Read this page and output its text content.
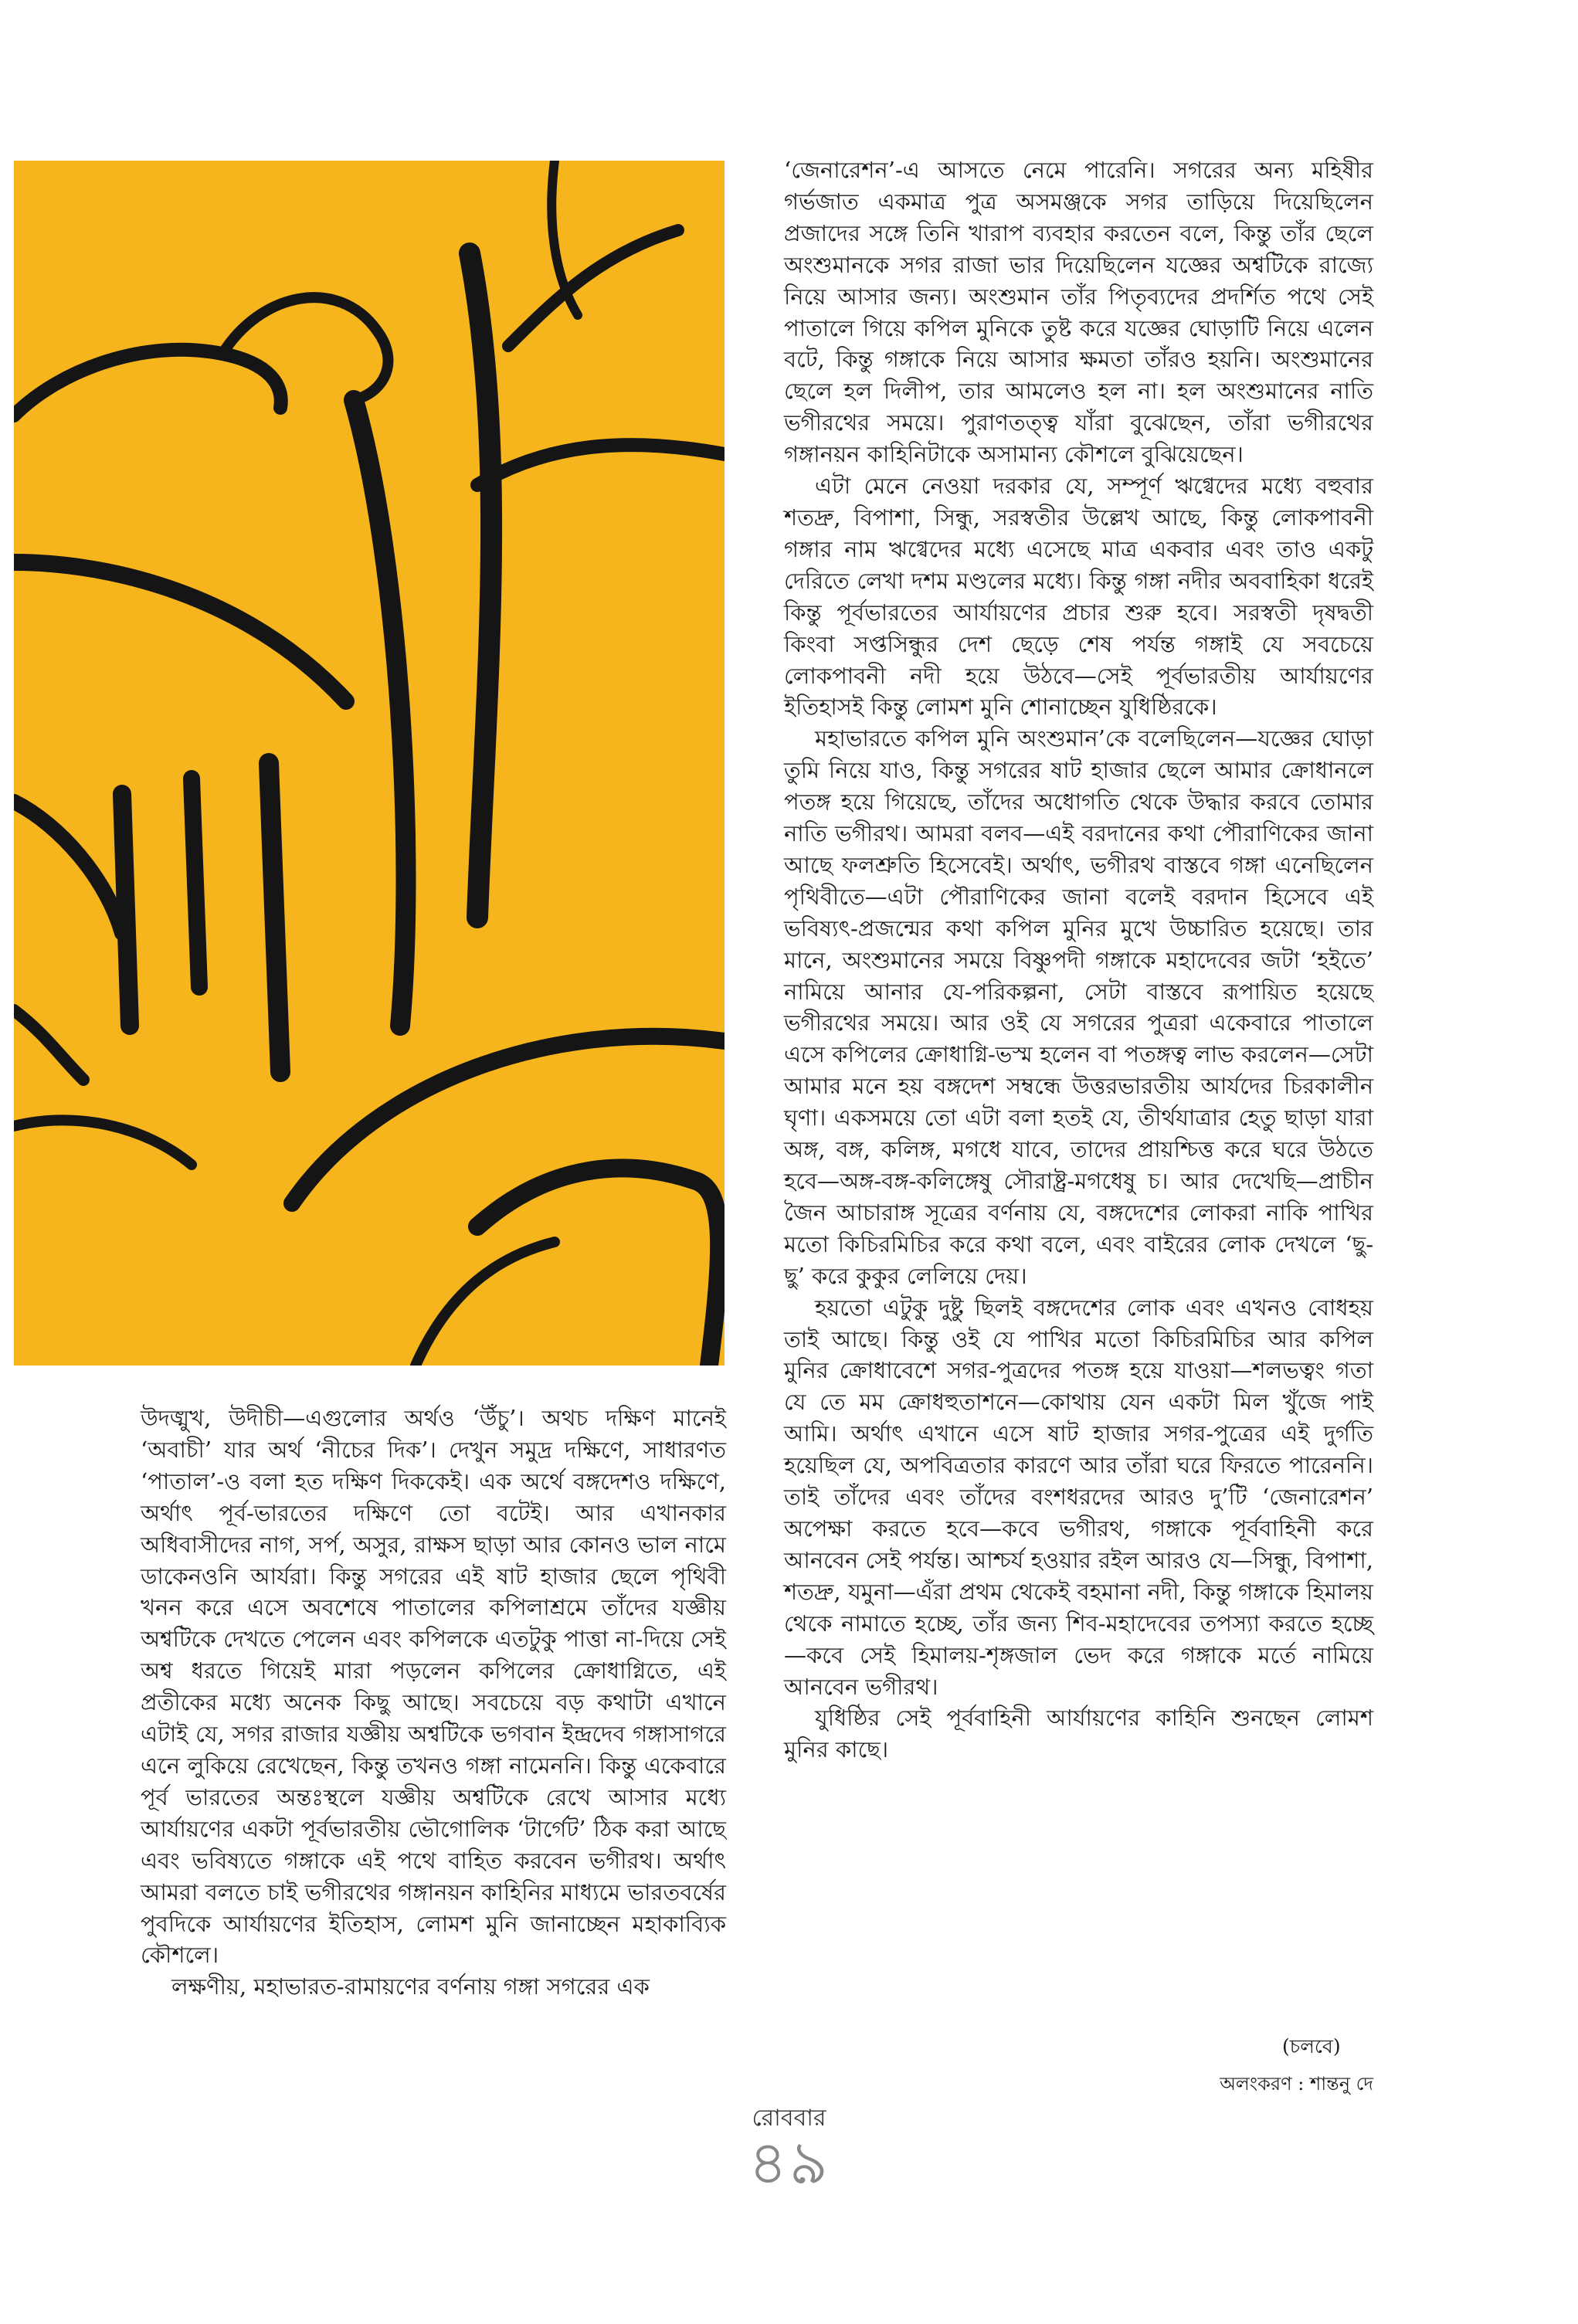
উদঙ্মুখ, উদীচী—এগুলোর অর্থও ‘উঁচু’। অথচ দক্ষিণ মানেই ‘অবাচী’ যার অর্থ ‘নীচের দিক’। দেখুন সমুদ্র দক্ষিণে, সাধারণত ‘পাতাল’-ও বলা হত দক্ষিণ দিককেই। এক অর্থে বঙ্গদেশও দক্ষিণে, অর্থাৎ পূর্ব-ভারতের দক্ষিণে তো বটেই। আর এখানকার অধিবাসীদের নাগ, সর্প, অসুর, রাক্ষস ছাড়া আর কোনও ভাল নামে ডাকেনওনি আর্যরা। কিন্তু সগরের এই ষাট হাজার ছেলে পৃথিবী খনন করে এসে অবশেষে পাতালের কপিলাশ্রমে তাঁদের যজ্ঞীয় অশ্বটিকে দেখতে পেলেন এবং কপিলকে এতটুকু পাত্তা না-দিয়ে সেই অশ্ব ধরতে গিয়েই মারা পড়লেন কপিলের ক্রোধাগ্নিতে, এই প্রতীকের মধ্যে অনেক কিছু আছে। সবচেয়ে বড় কথাটা এখানে এটাই যে, সগর রাজার যজ্ঞীয় অশ্বটিকে ভগবান ইন্দ্রদেব গঙ্গাসাগরে এনে লুকিয়ে রেখেছেন, কিন্তু তখনও গঙ্গা নামেননি। কিন্তু একেবারে পূর্ব ভারতের অন্তঃস্থলে যজ্ঞীয় অশ্বটিকে রেখে আসার মধ্যে আর্যায়ণের একটা পূর্বভারতীয় ভৌগোলিক ‘টার্গেট’ ঠিক করা আছে এবং ভবিষ্যতে গঙ্গাকে এই পথে বাহিত করবেন ভগীরথ। অর্থাৎ আমরা বলতে চাই ভগীরথের গঙ্গানয়ন কাহিনির মাধ্যমে ভারতবর্ষের পুবদিকে আর্যায়ণের ইতিহাস, লোমশ মুনি জানাচ্ছেন মহাকাব্যিক কৌশলে।

লক্ষণীয়, মহাভারত-রামায়ণের বর্ণনায় গঙ্গা সগরের এক

‘জেনারেশন’-এ আসতে নেমে পারেনি। সগরের অন্য মহিষীর গর্ভজাত একমাত্র পুত্র অসমঞ্জকে সগর তাড়িয়ে দিয়েছিলেন প্রজাদের সঙ্গে তিনি খারাপ ব্যবহার করতেন বলে, কিন্তু তাঁর ছেলে অংশুমানকে সগর রাজা ভার দিয়েছিলেন যজ্ঞের অশ্বটিকে রাজ্যে নিয়ে আসার জন্য। অংশুমান তাঁর পিতৃব্যদের প্রদর্শিত পথে সেই পাতালে গিয়ে কপিল মুনিকে তুষ্ট করে যজ্ঞের ঘোড়াটি নিয়ে এলেন বটে, কিন্তু গঙ্গাকে নিয়ে আসার ক্ষমতা তাঁরও হয়নি। অংশুমানের ছেলে হল দিলীপ, তার আমলেও হল না। হল অংশুমানের নাতি ভগীরথের সময়ে। পুরাণতত্ত্ব যাঁরা বুঝেছেন, তাঁরা ভগীরথের গঙ্গানয়ন কাহিনিটাকে অসামান্য কৌশলে বুঝিয়েছেন।

এটা মেনে নেওয়া দরকার যে, সম্পূর্ণ ঋগ্বেদের মধ্যে বহুবার শতদ্রু, বিপাশা, সিন্ধু, সরস্বতীর উল্লেখ আছে, কিন্তু লোকপাবনী গঙ্গার নাম ঋগ্বেদের মধ্যে এসেছে মাত্র একবার এবং তাও একটু দেরিতে লেখা দশম মণ্ডলের মধ্যে। কিন্তু গঙ্গা নদীর অববাহিকা ধরেই কিন্তু পূর্বভারতের আর্যায়ণের প্রচার শুরু হবে। সরস্বতী দৃষদ্বতী কিংবা সপ্তসিন্ধুর দেশ ছেড়ে শেষ পর্যন্ত গঙ্গাই যে সবচেয়ে লোকপাবনী নদী হয়ে উঠবে—সেই পূর্বভারতীয় আর্যায়ণের ইতিহাসই কিন্তু লোমশ মুনি শোনাচ্ছেন যুধিষ্ঠিরকে।

মহাভারতে কপিল মুনি অংশুমান’কে বলেছিলেন—যজ্ঞের ঘোড়া তুমি নিয়ে যাও, কিন্তু সগরের ষাট হাজার ছেলে আমার ক্রোধানলে পতঙ্গ হয়ে গিয়েছে, তাঁদের অধোগতি থেকে উদ্ধার করবে তোমার নাতি ভগীরথ। আমরা বলব—এই বরদানের কথা পৌরাণিকের জানা আছে ফলশ্রুতি হিসেবেই। অর্থাৎ, ভগীরথ বাস্তবে গঙ্গা এনেছিলেন পৃথিবীতে—এটা পৌরাণিকের জানা বলেই বরদান হিসেবে এই ভবিষ্যৎ-প্রজন্মের কথা কপিল মুনির মুখে উচ্চারিত হয়েছে। তার মানে, অংশুমানের সময়ে বিষ্ণুপদী গঙ্গাকে মহাদেবের জটা ‘হইতে’ নামিয়ে আনার যে-পরিকল্পনা, সেটা বাস্তবে রূপায়িত হয়েছে ভগীরথের সময়ে। আর ওই যে সগরের পুত্ররা একেবারে পাতালে এসে কপিলের ক্রোধাগ্নি-ভস্ম হলেন বা পতঙ্গত্ব লাভ করলেন—সেটা আমার মনে হয় বঙ্গদেশ সম্বন্ধে উত্তরভারতীয় আর্যদের চিরকালীন ঘৃণা। একসময়ে তো এটা বলা হতই যে, তীর্থযাত্রার হেতু ছাড়া যারা অঙ্গ, বঙ্গ, কলিঙ্গ, মগধে যাবে, তাদের প্রায়শ্চিত্ত করে ঘরে উঠতে হবে—অঙ্গ-বঙ্গ-কলিঙ্গেষু সৌরাষ্ট্র-মগধেষু চ। আর দেখেছি—প্রাচীন জৈন আচারাঙ্গ সূত্রের বর্ণনায় যে, বঙ্গদেশের লোকরা নাকি পাখির মতো কিচিরমিচির করে কথা বলে, এবং বাইরের লোক দেখলে ‘ছু-ছু’ করে কুকুর লেলিয়ে দেয়।

হয়তো এটুকু দুষ্টু ছিলই বঙ্গদেশের লোক এবং এখনও বোধহয় তাই আছে। কিন্তু ওই যে পাখির মতো কিচিরমিচির আর কপিল মুনির ক্রোধাবেশে সগর-পুত্রদের পতঙ্গ হয়ে যাওয়া—শলভত্বং গতা যে তে মম ক্রোধহুতাশনে—কোথায় যেন একটা মিল খুঁজে পাই আমি। অর্থাৎ এখানে এসে ষাট হাজার সগর-পুত্রের এই দুর্গতি হয়েছিল যে, অপবিত্রতার কারণে আর তাঁরা ঘরে ফিরতে পারেননি। তাই তাঁদের এবং তাঁদের বংশধরদের আরও দু’টি ‘জেনারেশন’ অপেক্ষা করতে হবে—কবে ভগীরথ, গঙ্গাকে পূর্ববাহিনী করে আনবেন সেই পর্যন্ত। আশ্চর্য হওয়ার রইল আরও যে—সিন্ধু, বিপাশা, শতদ্রু, যমুনা—এঁরা প্রথম থেকেই বহমানা নদী, কিন্তু গঙ্গাকে হিমালয় থেকে নামাতে হচ্ছে, তাঁর জন্য শিব-মহাদেবের তপস্যা করতে হচ্ছে—কবে সেই হিমালয়-শৃঙ্গজাল ভেদ করে গঙ্গাকে মর্তে নামিয়ে আনবেন ভগীরথ।

যুধিষ্ঠির সেই পূর্ববাহিনী আর্যায়ণের কাহিনি শুনছেন লোমশ মুনির কাছে।

(চলবে)
অলংকরণ : শান্তনু দে
রোববার
৪৯
